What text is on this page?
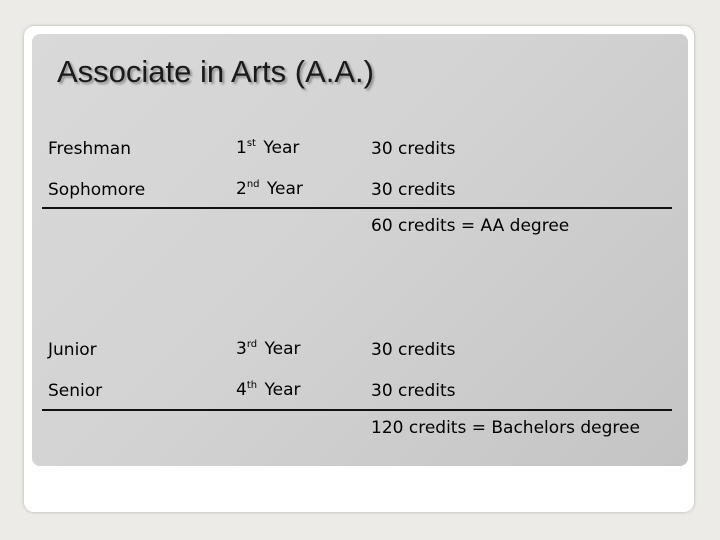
Associate in Arts (A.A.)
Freshman	1st Year	30 credits
Sophomore	2nd Year	30 credits
60 credits = AA degree
Junior	3rd Year	30 credits
Senior	4th Year	30 credits
120 credits = Bachelors degree
